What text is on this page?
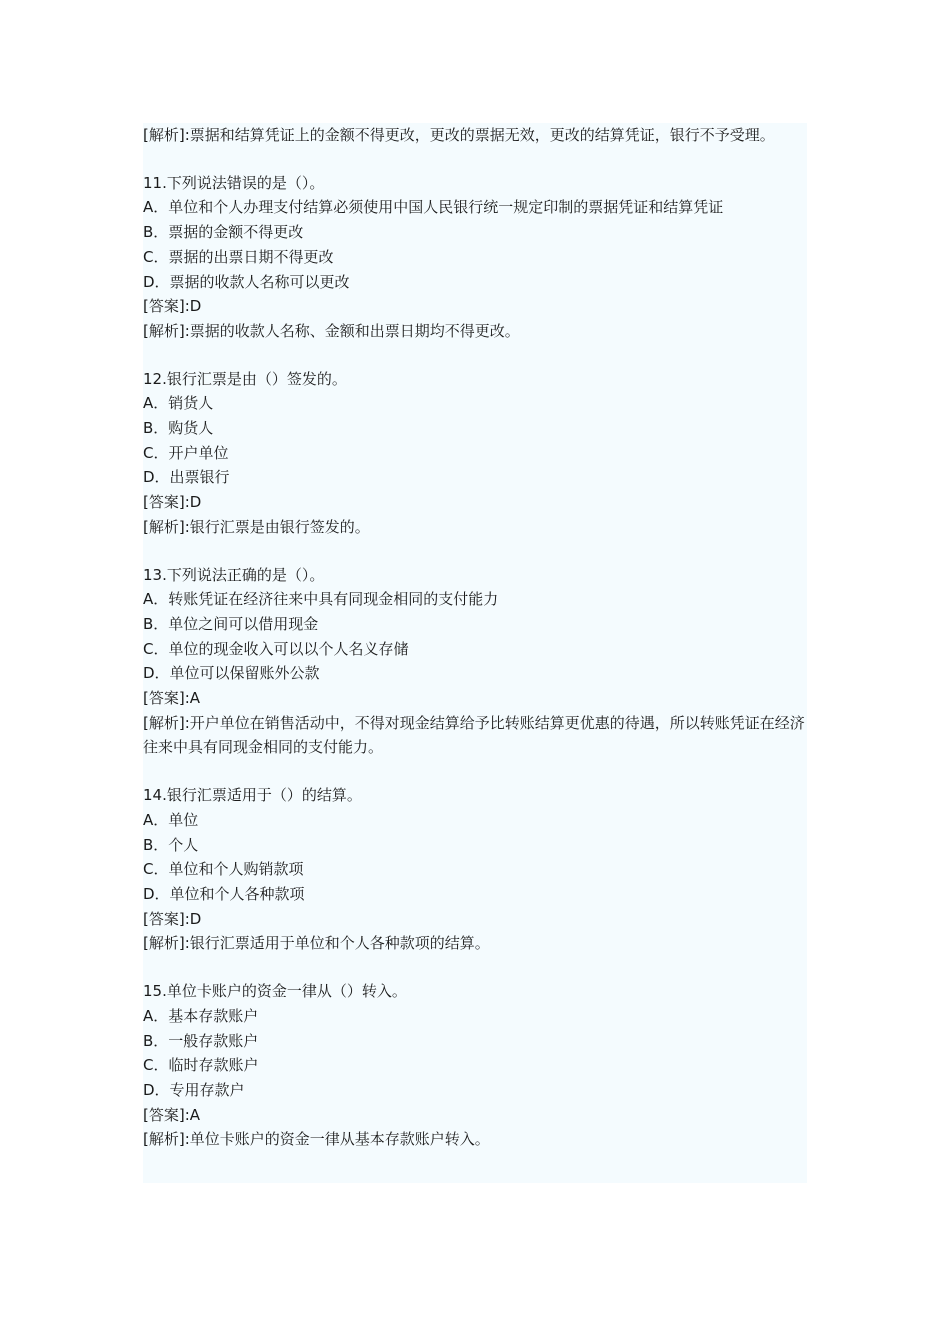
[解析]:票据和结算凭证上的金额不得更改，更改的票据无效，更改的结算凭证，银行不予受理。
11.下列说法错误的是（）。
A．单位和个人办理支付结算必须使用中国人民银行统一规定印制的票据凭证和结算凭证
B．票据的金额不得更改
C．票据的出票日期不得更改
D．票据的收款人名称可以更改
[答案]:D
[解析]:票据的收款人名称、金额和出票日期均不得更改。
12.银行汇票是由（）签发的。
A．销货人
B．购货人
C．开户单位
D．出票银行
[答案]:D
[解析]:银行汇票是由银行签发的。
13.下列说法正确的是（）。
A．转账凭证在经济往来中具有同现金相同的支付能力
B．单位之间可以借用现金
C．单位的现金收入可以以个人名义存储
D．单位可以保留账外公款
[答案]:A
[解析]:开户单位在销售活动中，不得对现金结算给予比转账结算更优惠的待遇，所以转账凭证在经济往来中具有同现金相同的支付能力。
14.银行汇票适用于（）的结算。
A．单位
B．个人
C．单位和个人购销款项
D．单位和个人各种款项
[答案]:D
[解析]:银行汇票适用于单位和个人各种款项的结算。
15.单位卡账户的资金一律从（）转入。
A．基本存款账户
B．一般存款账户
C．临时存款账户
D．专用存款户
[答案]:A
[解析]:单位卡账户的资金一律从基本存款账户转入。
